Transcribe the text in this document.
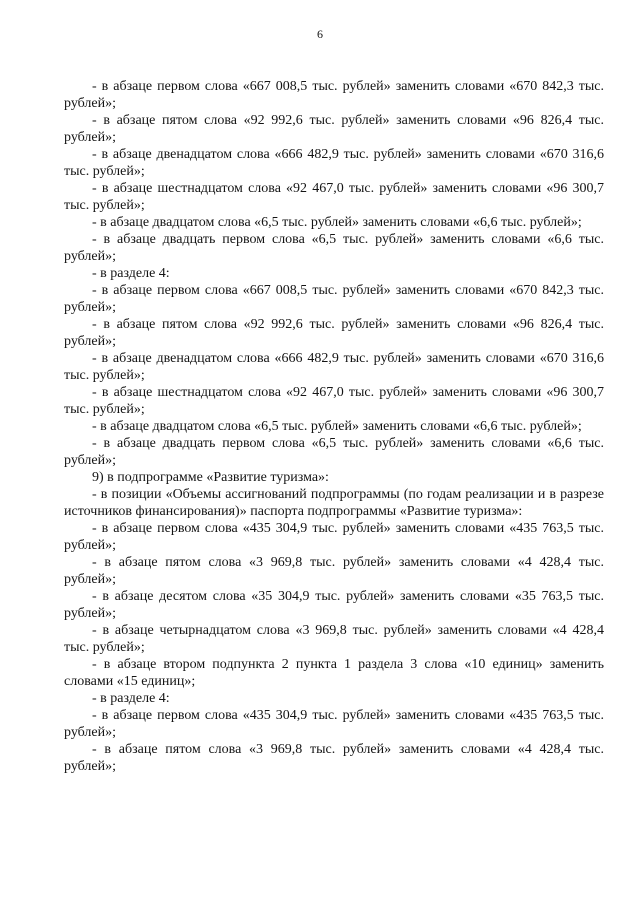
6

- в абзаце первом слова «667 008,5 тыс. рублей» заменить словами «670 842,3 тыс. рублей»;

- в абзаце пятом слова «92 992,6 тыс. рублей» заменить словами «96 826,4 тыс. рублей»;

- в абзаце двенадцатом слова «666 482,9 тыс. рублей» заменить словами «670 316,6 тыс. рублей»;

- в абзаце шестнадцатом слова «92 467,0 тыс. рублей» заменить словами «96 300,7 тыс. рублей»;

- в абзаце двадцатом слова «6,5 тыс. рублей» заменить словами «6,6 тыс. рублей»;

- в абзаце двадцать первом слова «6,5 тыс. рублей» заменить словами «6,6 тыс. рублей»;

- в разделе 4:

- в абзаце первом слова «667 008,5 тыс. рублей» заменить словами «670 842,3 тыс. рублей»;

- в абзаце пятом слова «92 992,6 тыс. рублей» заменить словами «96 826,4 тыс. рублей»;

- в абзаце двенадцатом слова «666 482,9 тыс. рублей» заменить словами «670 316,6 тыс. рублей»;

- в абзаце шестнадцатом слова «92 467,0 тыс. рублей» заменить словами «96 300,7 тыс. рублей»;

- в абзаце двадцатом слова «6,5 тыс. рублей» заменить словами «6,6 тыс. рублей»;

- в абзаце двадцать первом слова «6,5 тыс. рублей» заменить словами «6,6 тыс. рублей»;

9) в подпрограмме «Развитие туризма»:

- в позиции «Объемы ассигнований подпрограммы (по годам реализации и в разрезе источников финансирования)» паспорта подпрограммы «Развитие туризма»:

- в абзаце первом слова «435 304,9 тыс. рублей» заменить словами «435 763,5 тыс. рублей»;

- в абзаце пятом слова «3 969,8 тыс. рублей» заменить словами «4 428,4 тыс. рублей»;

- в абзаце десятом слова «35 304,9 тыс. рублей» заменить словами «35 763,5 тыс. рублей»;

- в абзаце четырнадцатом слова «3 969,8 тыс. рублей» заменить словами «4 428,4 тыс. рублей»;

- в абзаце втором подпункта 2 пункта 1 раздела 3 слова «10 единиц» заменить словами «15 единиц»;

- в разделе 4:

- в абзаце первом слова «435 304,9 тыс. рублей» заменить словами «435 763,5 тыс. рублей»;

- в абзаце пятом слова «3 969,8 тыс. рублей» заменить словами «4 428,4 тыс. рублей»;
